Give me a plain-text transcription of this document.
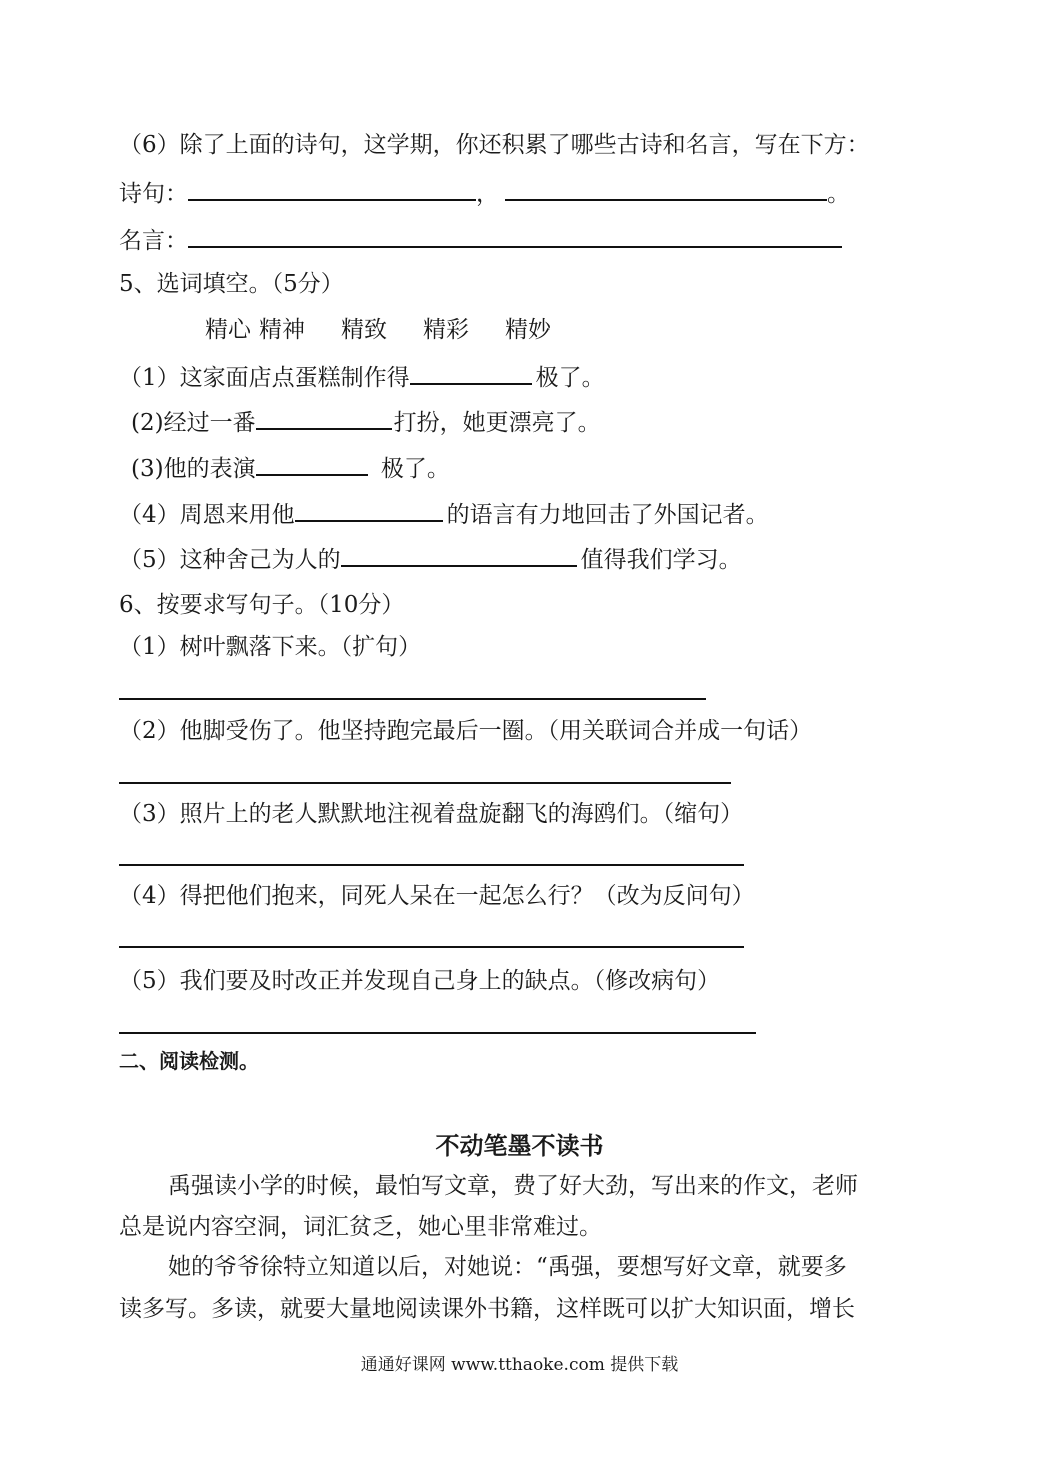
（6）除了上面的诗句，这学期，你还积累了哪些古诗和名言，写在下方：
诗句：	，	。
名言：
5、选词填空。（5分）
精心 精神 精致 精彩 精妙
（1）这家面店点蛋糕制作得	极了。
(2)经过一番	打扮，她更漂亮了。
(3)他的表演	极了。
（4）周恩来用他	的语言有力地回击了外国记者。
（5）这种舍己为人的	值得我们学习。
6、按要求写句子。（10分）
（1）树叶飘落下来。（扩句）
（2）他脚受伤了。他坚持跑完最后一圈。（用关联词合并成一句话）
（3）照片上的老人默默地注视着盘旋翻飞的海鸥们。（缩句）
（4）得把他们抱来，同死人呆在一起怎么行？（改为反问句）
（5）我们要及时改正并发现自己身上的缺点。（修改病句）
二、阅读检测。
不动笔墨不读书
禹强读小学的时候，最怕写文章，费了好大劲，写出来的作文，老师
总是说内容空洞，词汇贫乏，她心里非常难过。
她的爷爷徐特立知道以后，对她说：“禹强，要想写好文章，就要多
读多写。多读，就要大量地阅读课外书籍，这样既可以扩大知识面，增长
通通好课网 www.tthaoke.com 提供下载
